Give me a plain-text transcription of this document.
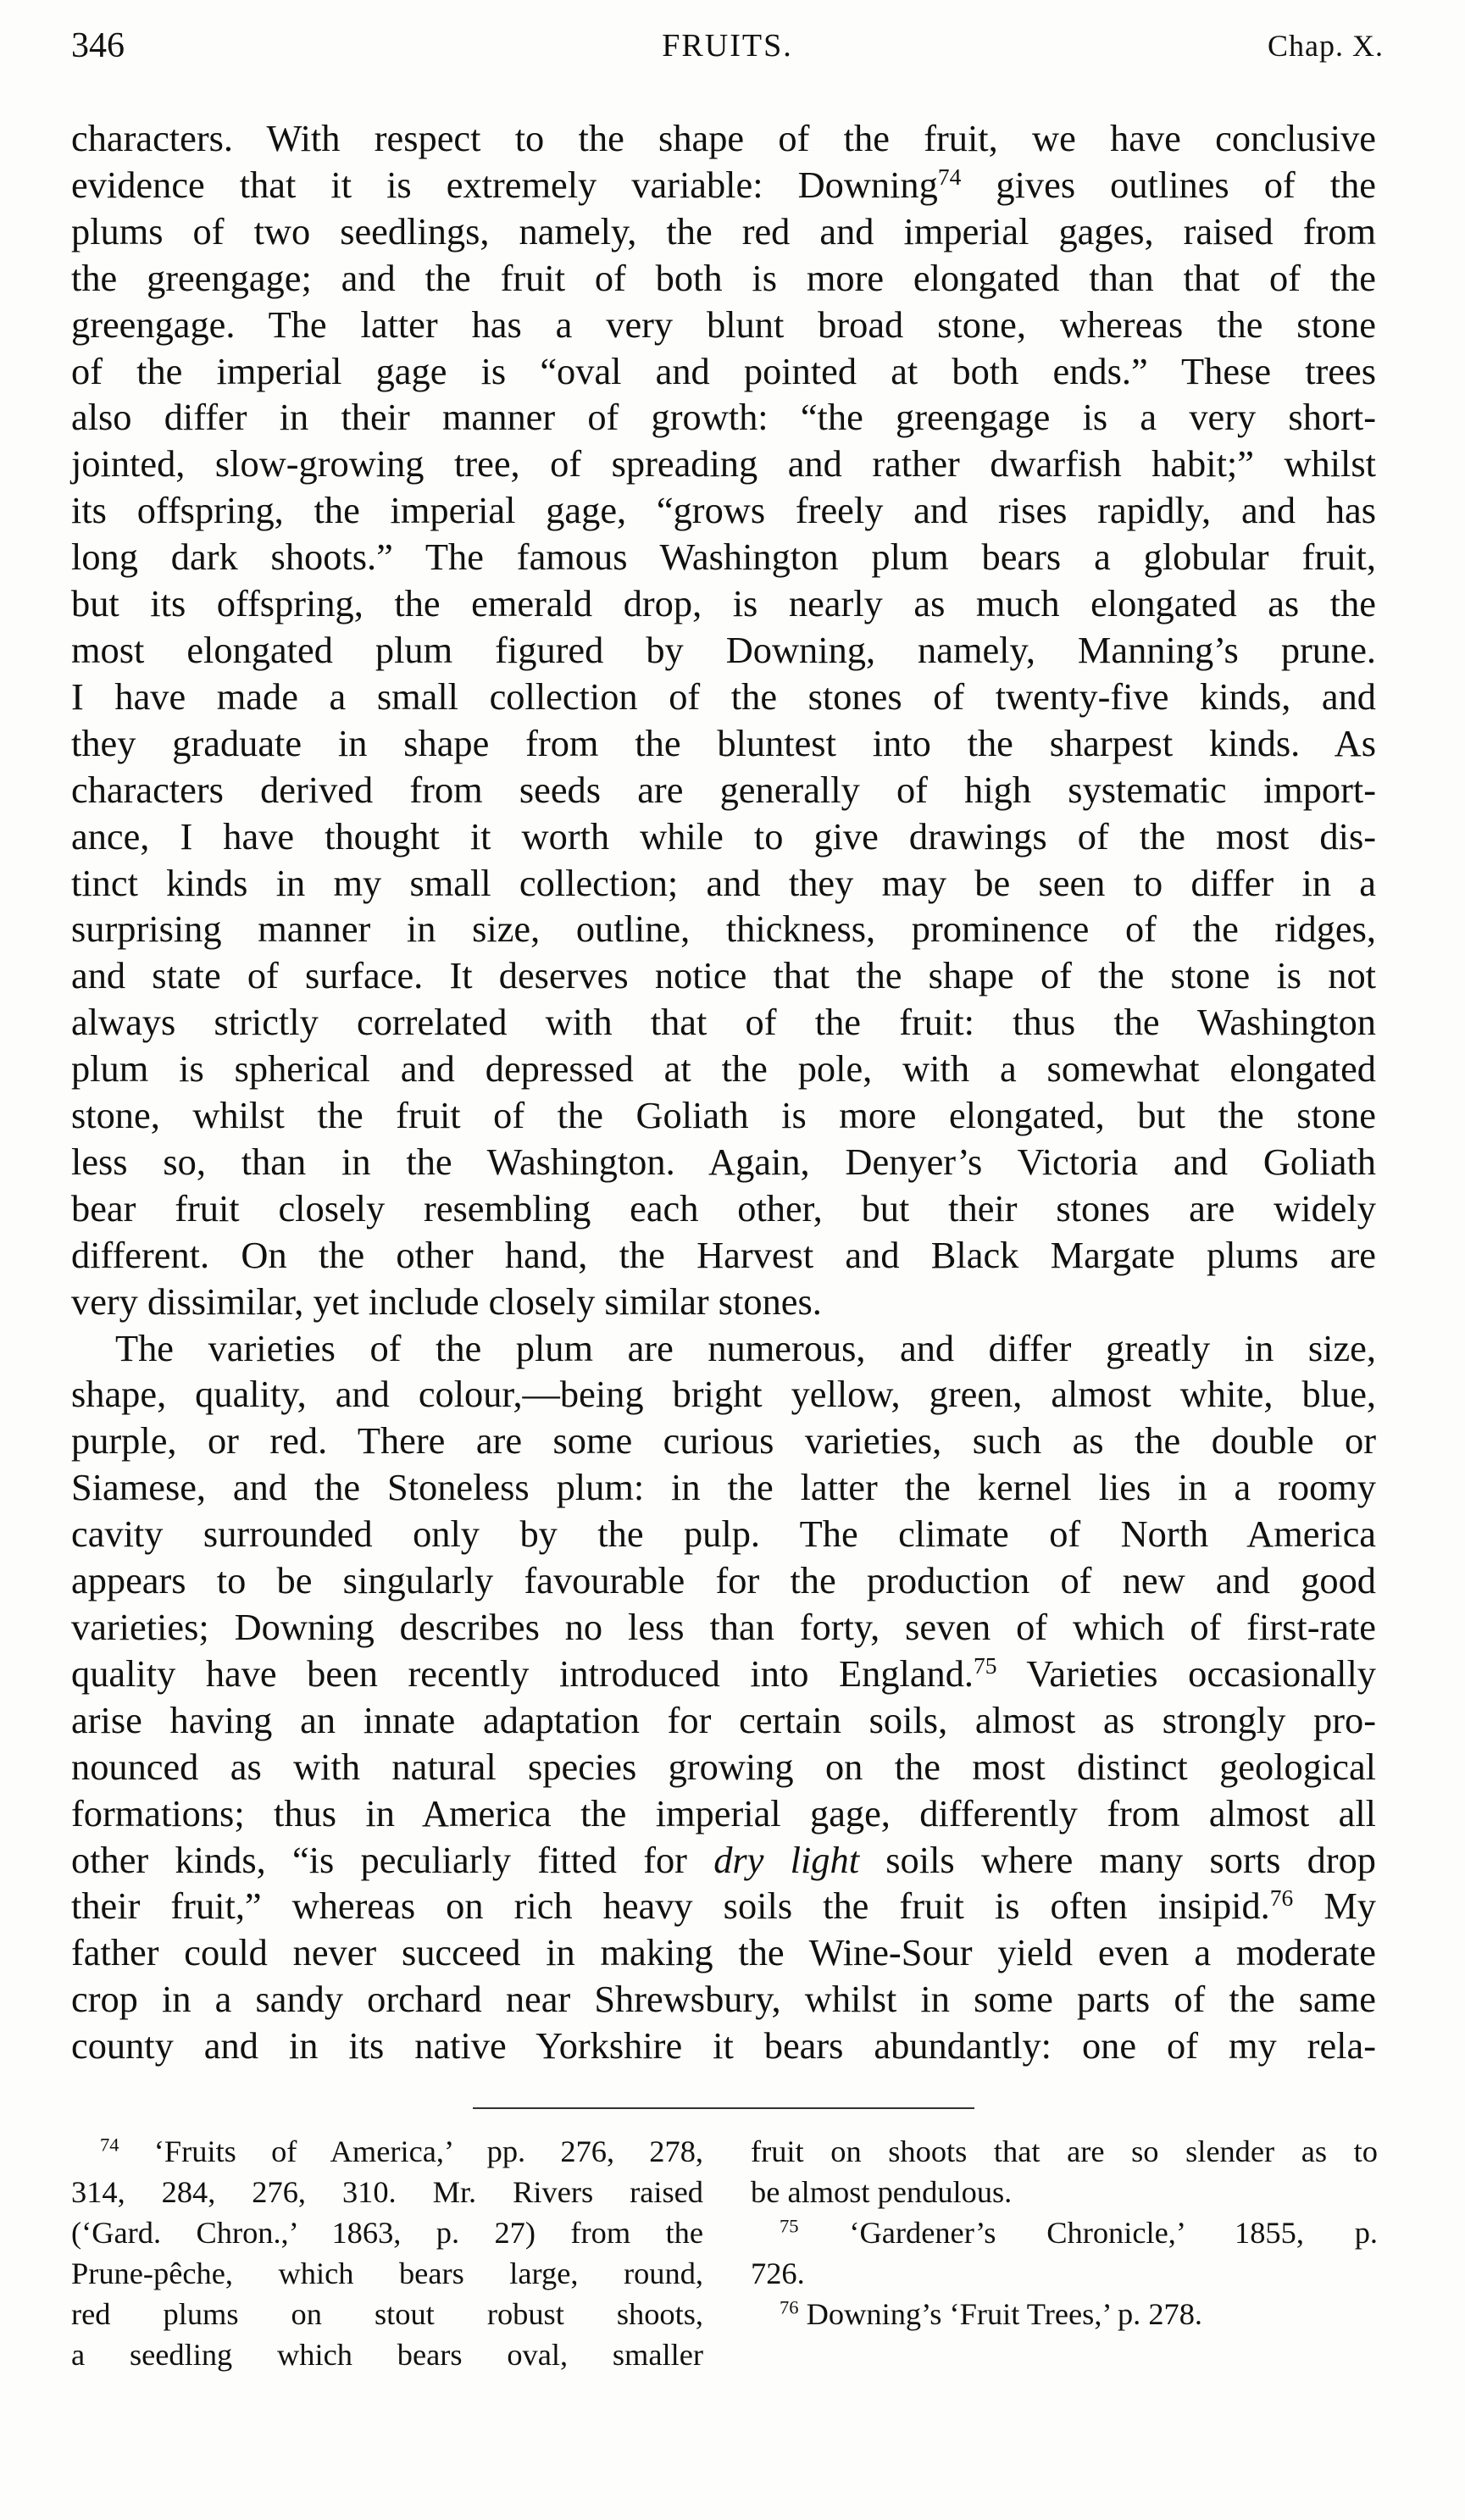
346	FRUITS.	Chap. X.

characters. With respect to the shape of the fruit, we have conclusive
evidence that it is extremely variable: Downing$^{74}$ gives outlines of the
plums of two seedlings, namely, the red and imperial gages, raised from
the greengage; and the fruit of both is more elongated than that of the
greengage. The latter has a very blunt broad stone, whereas the stone
of the imperial gage is “oval and pointed at both ends.” These trees
also differ in their manner of growth: “the greengage is a very short-
jointed, slow-growing tree, of spreading and rather dwarfish habit;” whilst
its offspring, the imperial gage, “grows freely and rises rapidly, and has
long dark shoots.” The famous Washington plum bears a globular fruit,
but its offspring, the emerald drop, is nearly as much elongated as the
most elongated plum figured by Downing, namely, Manning’s prune.
I have made a small collection of the stones of twenty-five kinds, and
they graduate in shape from the bluntest into the sharpest kinds. As
characters derived from seeds are generally of high systematic import-
ance, I have thought it worth while to give drawings of the most dis-
tinct kinds in my small collection; and they may be seen to differ in a
surprising manner in size, outline, thickness, prominence of the ridges,
and state of surface. It deserves notice that the shape of the stone is not
always strictly correlated with that of the fruit: thus the Washington
plum is spherical and depressed at the pole, with a somewhat elongated
stone, whilst the fruit of the Goliath is more elongated, but the stone
less so, than in the Washington. Again, Denyer’s Victoria and Goliath
bear fruit closely resembling each other, but their stones are widely
different. On the other hand, the Harvest and Black Margate plums are
very dissimilar, yet include closely similar stones.

The varieties of the plum are numerous, and differ greatly in size,
shape, quality, and colour,—being bright yellow, green, almost white, blue,
purple, or red. There are some curious varieties, such as the double or
Siamese, and the Stoneless plum: in the latter the kernel lies in a roomy
cavity surrounded only by the pulp. The climate of North America
appears to be singularly favourable for the production of new and good
varieties; Downing describes no less than forty, seven of which of first-rate
quality have been recently introduced into England.$^{75}$ Varieties occasionally
arise having an innate adaptation for certain soils, almost as strongly pro-
nounced as with natural species growing on the most distinct geological
formations; thus in America the imperial gage, differently from almost all
other kinds, “is peculiarly fitted for dry light soils where many sorts drop
their fruit,” whereas on rich heavy soils the fruit is often insipid.$^{76}$ My
father could never succeed in making the Wine-Sour yield even a moderate
crop in a sandy orchard near Shrewsbury, whilst in some parts of the same
county and in its native Yorkshire it bears abundantly: one of my rela-

$^{74}$ ‘Fruits of America,’ pp. 276, 278,
314, 284, 276, 310. Mr. Rivers raised
(‘Gard. Chron.,’ 1863, p. 27) from the
Prune-pêche, which bears large, round,
red plums on stout robust shoots,
a seedling which bears oval, smaller
fruit on shoots that are so slender as to
be almost pendulous.
$^{75}$ ‘Gardener’s Chronicle,’ 1855, p.
726.
$^{76}$ Downing’s ‘Fruit Trees,’ p. 278.
